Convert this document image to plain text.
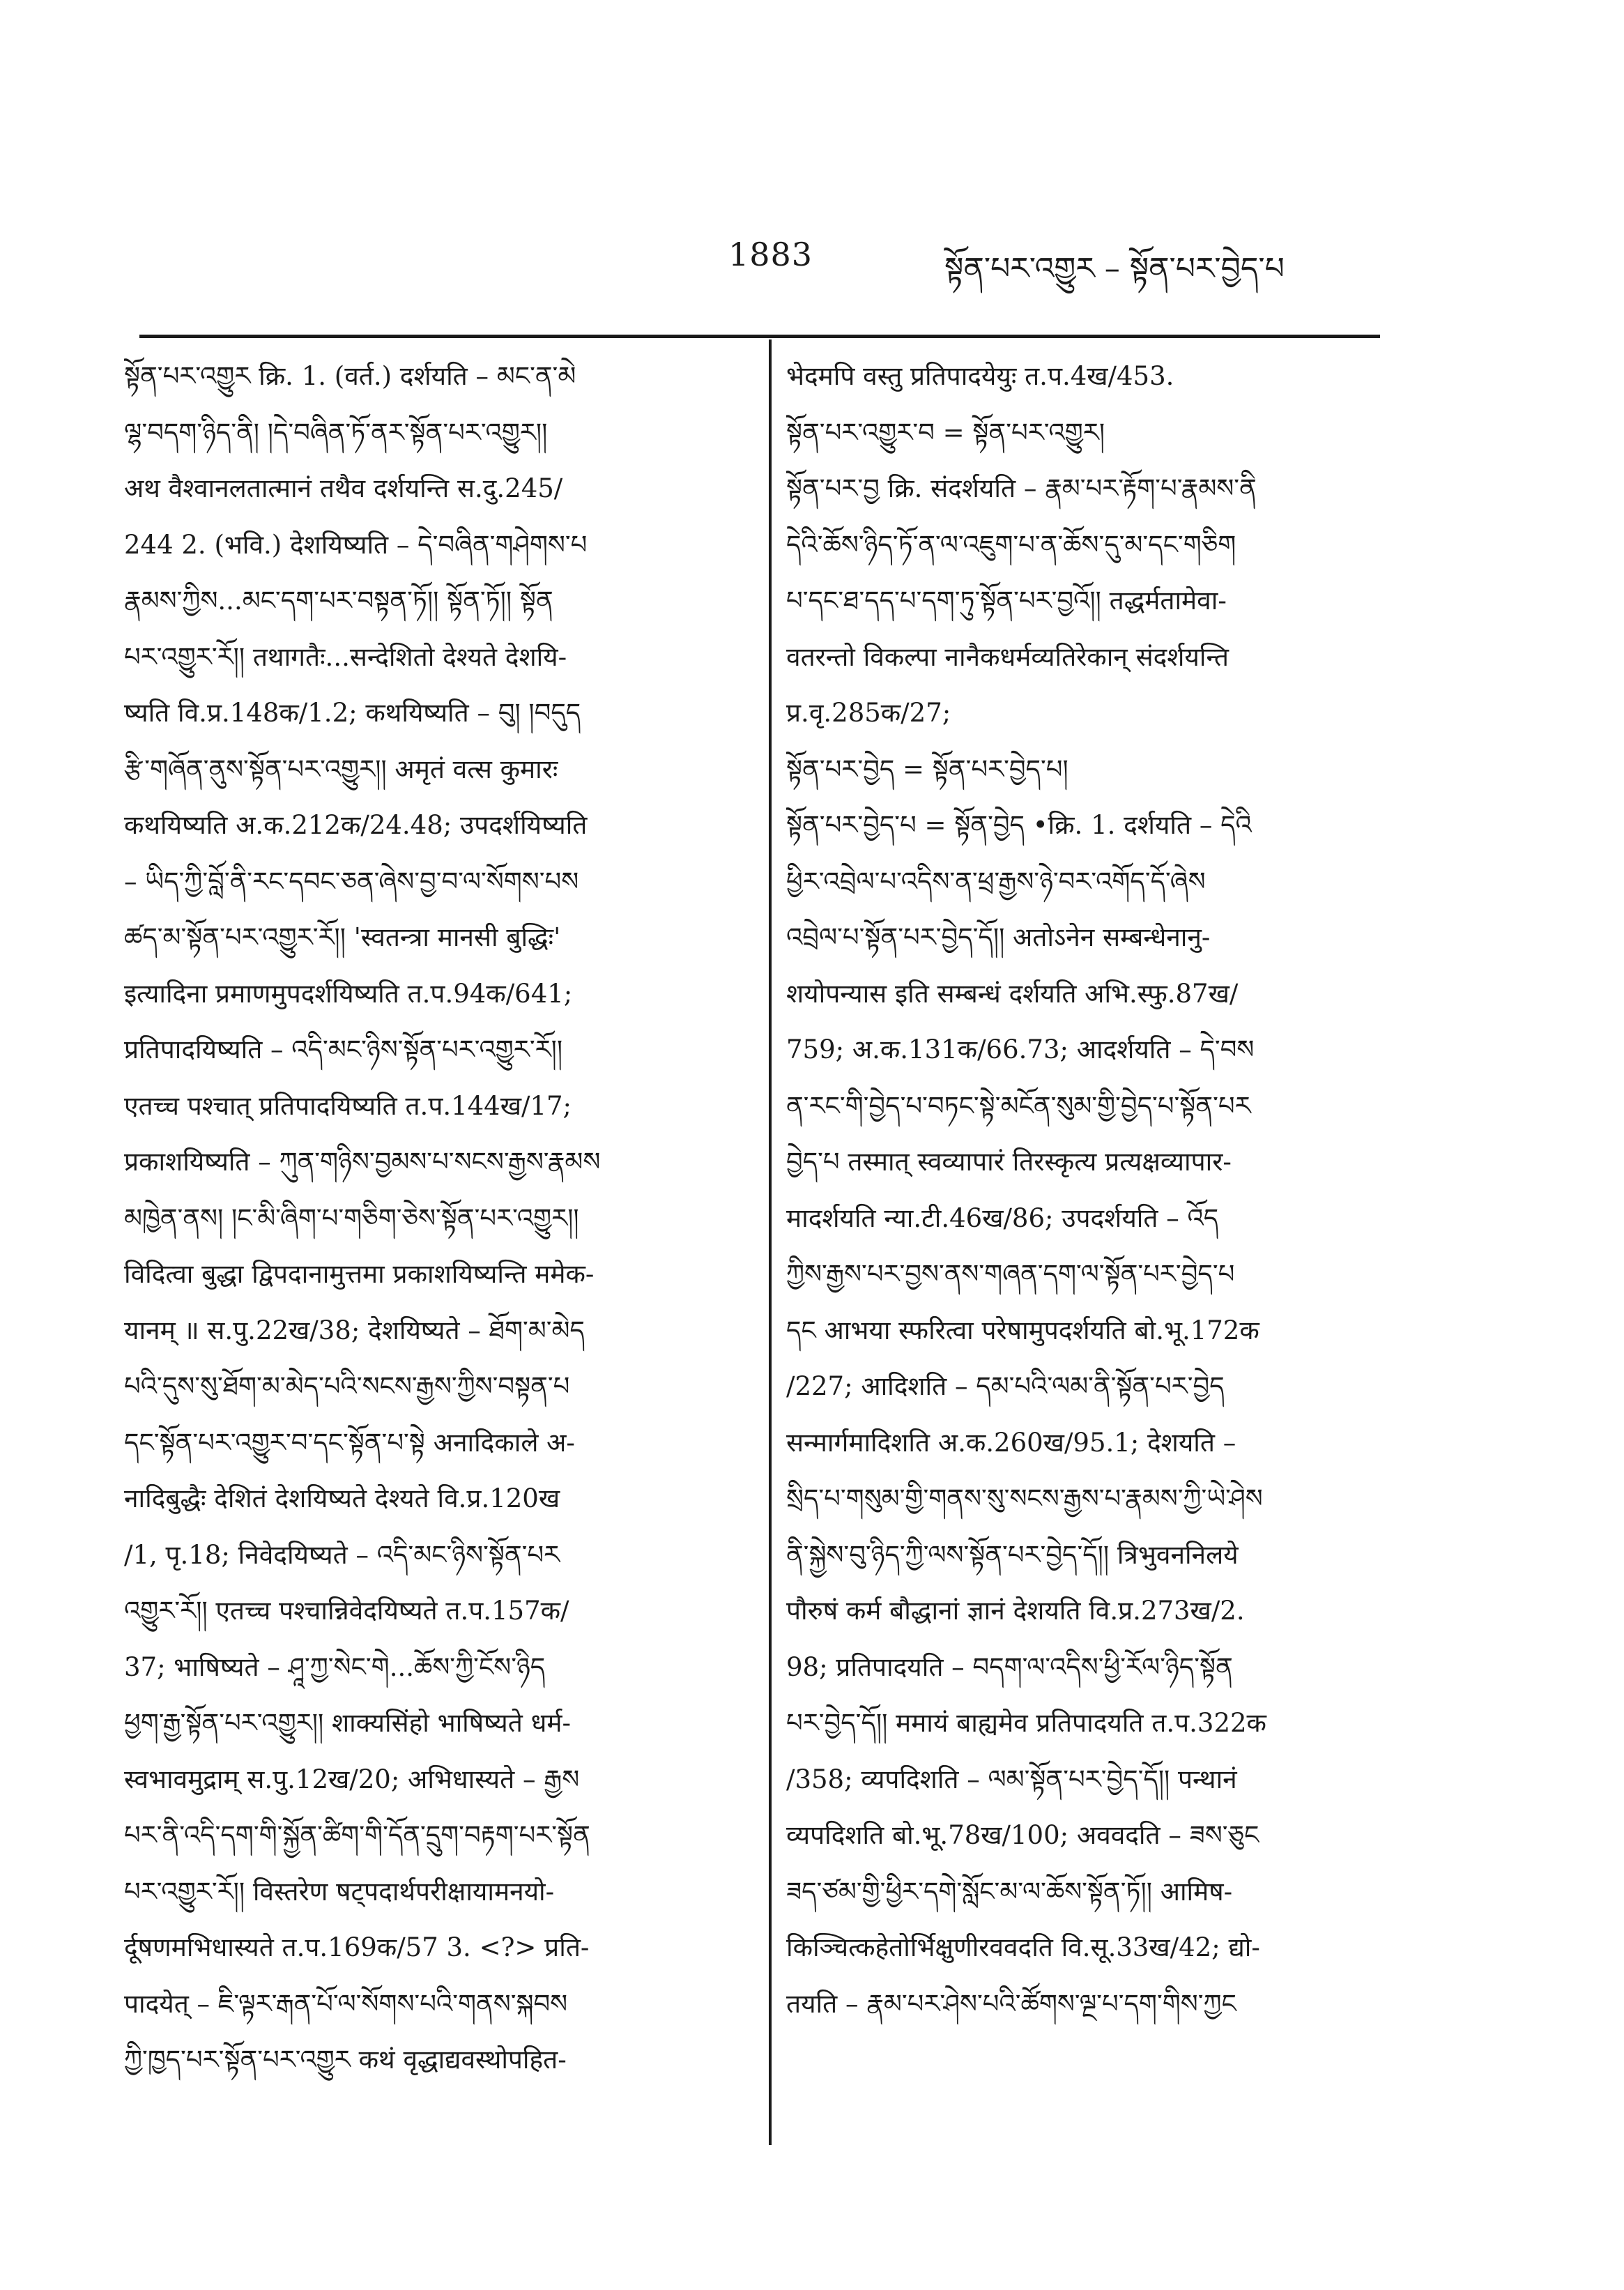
1883	སྟོན་པར་འགྱུར – སྟོན་པར་བྱེད་པ
སྟོན་པར་འགྱུར क्रि. 1. (वर्त.) दर्शयति – མང་ན་མེ
ལྷ་བདག་ཉིད་ནི། །དེ་བཞིན་ཏོ་ནར་སྟོན་པར་འགྱུར།།
अथ वैश्वानलतात्मानं तथैव दर्शयन्ति स.दु.245/
244 2. (भवि.) देशयिष्यति – དེ་བཞིན་གཤེགས་པ
རྣམས་ཀྱིས...མང་དག་པར་བསྟན་ཏོ།། སྟོན་ཏོ།། སྟོན
པར་འགྱུར་རོ།། तथागतैः...सन्देशितो देश्यते देशयि-
ष्यति वि.प्र.148क/1.2; कथयिष्यति – བུ། །བདུད
རྩི་གཞོན་ནུས་སྟོན་པར་འགྱུར།། अमृतं वत्स कुमारः
कथयिष्यति अ.क.212क/24.48; उपदर्शयिष्यति
– ཡིད་ཀྱི་བློ་ནི་རང་དབང་ཅན་ཞེས་བྱ་བ་ལ་སོགས་པས
ཚད་མ་སྟོན་པར་འགྱུར་རོ།། 'स्वतन्त्रा मानसी बुद्धिः'
इत्यादिना प्रमाणमुपदर्शयिष्यति त.प.94क/641;
प्रतिपादयिष्यति – འདི་མང་ཉིས་སྟོན་པར་འགྱུར་རོ།།
एतच्च पश्चात् प्रतिपादयिष्यति त.प.144ख/17;
प्रकाशयिष्यति – ཀུན་གཉིས་བྱམས་པ་སངས་རྒྱས་རྣམས
མཁྱེན་ནས། །ང་མི་ཞིག་པ་གཅིག་ཅེས་སྟོན་པར་འགྱུར།།
विदित्वा बुद्धा द्विपदानामुत्तमा प्रकाशयिष्यन्ति ममेक-
यानम् ॥ स.पु.22ख/38; देशयिष्यते – ཐོག་མ་མེད
པའི་དུས་སུ་ཐོག་མ་མེད་པའི་སངས་རྒྱས་ཀྱིས་བསྟན་པ
དང་སྟོན་པར་འགྱུར་བ་དང་སྟོན་པ་སྟེ अनादिकाले अ-
नादिबुद्धैः देशितं देशयिष्यते देश्यते वि.प्र.120ख
/1, पृ.18; निवेदयिष्यते – འདི་མང་ཉིས་སྟོན་པར
འགྱུར་རོ།། एतच्च पश्चान्निवेदयिष्यते त.प.157क/
37; भाषिष्यते – ཤཱ་ཀྱ་སེང་གེ...ཆོས་ཀྱི་ངོས་ཉིད
ཕྱག་རྒྱ་སྟོན་པར་འགྱུར།། शाक्यसिंहो भाषिष्यते धर्म-
स्वभावमुद्राम् स.पु.12ख/20; अभिधास्यते – རྒྱས
པར་ནི་འདི་དག་གི་སྐྱོན་ཚིག་གི་དོན་དྲུག་བརྟག་པར་སྟོན
པར་འགྱུར་རོ།། विस्तरेण षट्पदार्थपरीक्षायामनयो-
र्दूषणमभिधास्यते त.प.169क/57 3. <?> प्रति-
पादयेत् – ཇི་ལྟར་རྒན་པོ་ལ་སོགས་པའི་གནས་སྐབས
ཀྱི་ཁྱད་པར་སྟོན་པར་འགྱུར कथं वृद्धाद्यवस्थोपहित-
भेदमपि वस्तु प्रतिपादयेयुः त.प.4ख/453.
སྟོན་པར་འགྱུར་བ = སྟོན་པར་འགྱུར།
སྟོན་པར་བྱ क्रि. संदर्शयति – རྣམ་པར་རྟོག་པ་རྣམས་ནི
དེའི་ཆོས་ཉིད་ཏོ་ན་ལ་འཇུག་པ་ན་ཆོས་དུ་མ་དང་གཅིག
པ་དང་ཐ་དད་པ་དག་ཏུ་སྟོན་པར་བྱའོ།། तद्धर्मतामेवा-
वतरन्तो विकल्पा नानैकधर्मव्यतिरेकान् संदर्शयन्ति
प्र.वृ.285क/27;
སྟོན་པར་བྱེད = སྟོན་པར་བྱེད་པ།
སྟོན་པར་བྱེད་པ = སྟོན་བྱེད •क्रि. 1. दर्शयति – དེའི
ཕྱིར་འབྲེལ་པ་འདིས་ན་ཕྲ་རྒྱས་ཉེ་བར་འགོད་དོ་ཞེས
འབྲེལ་པ་སྟོན་པར་བྱེད་དོ།། अतोऽनेन सम्बन्धेनानु-
शयोपन्यास इति सम्बन्धं दर्शयति अभि.स्फु.87ख/
759; अ.क.131क/66.73; आदर्शयति – དེ་བས
ན་རང་གི་བྱེད་པ་བཏང་སྟེ་མངོན་སུམ་གྱི་བྱེད་པ་སྟོན་པར
བྱེད་པ तस्मात् स्वव्यापारं तिरस्कृत्य प्रत्यक्षव्यापार-
मादर्शयति न्या.टी.46ख/86; उपदर्शयति – འོད
ཀྱིས་རྒྱས་པར་བྱས་ནས་གཞན་དག་ལ་སྟོན་པར་བྱེད་པ
དང आभया स्फरित्वा परेषामुपदर्शयति बो.भू.172क
/227; आदिशति – དམ་པའི་ལམ་ནི་སྟོན་པར་བྱེད
सन्मार्गमादिशति अ.क.260ख/95.1; देशयति –
སྲིད་པ་གསུམ་གྱི་གནས་སུ་སངས་རྒྱས་པ་རྣམས་ཀྱི་ཡེ་ཤེས
ནི་སྐྱེས་བུ་ཉིད་ཀྱི་ལས་སྟོན་པར་བྱེད་དོ།། त्रिभुवननिलये
पौरुषं कर्म बौद्धानां ज्ञानं देशयति वि.प्र.273ख/2.
98; प्रतिपादयति – བདག་ལ་འདིས་ཕྱི་རོལ་ཉིད་སྟོན
པར་བྱེད་དོ།། ममायं बाह्यमेव प्रतिपादयति त.प.322क
/358; व्यपदिशति – ལམ་སྟོན་པར་བྱེད་དོ།། पन्थानं
व्यपदिशति बो.भू.78ख/100; अववदति – ཟས་ཅུང
ཟད་ཙམ་གྱི་ཕྱིར་དགེ་སློང་མ་ལ་ཆོས་སྟོན་ཏོ།། आमिष-
किञ्चित्कहेतोर्भिक्षुणीरववदति वि.सू.33ख/42; द्यो-
तयति – རྣམ་པར་ཤེས་པའི་ཚོགས་ལྔ་པ་དག་གིས་ཀྱང
